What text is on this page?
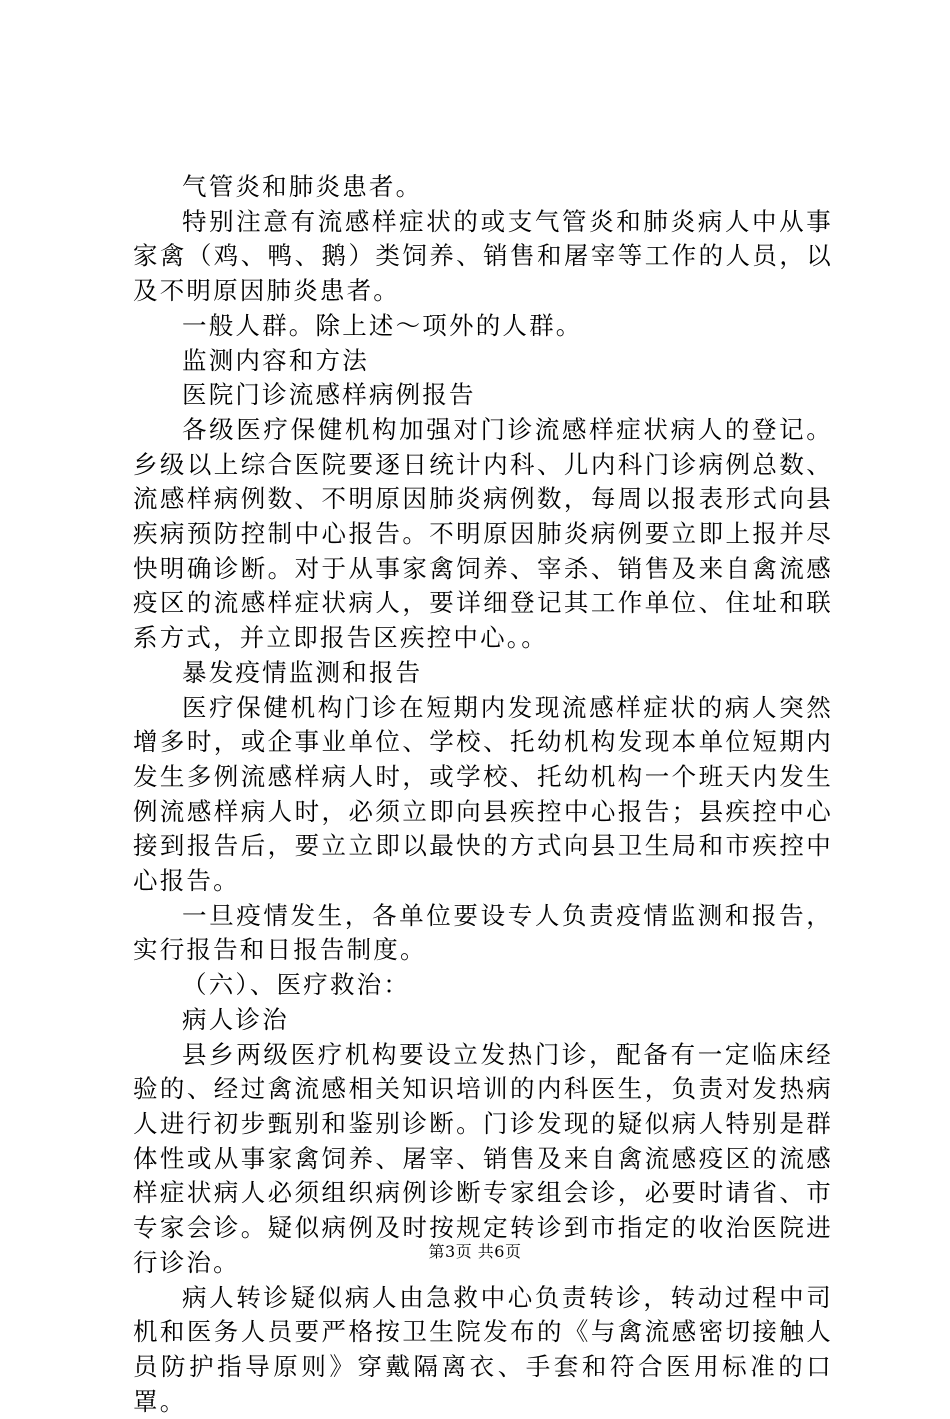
气管炎和肺炎患者。

特别注意有流感样症状的或支气管炎和肺炎病人中从事家禽（鸡、鸭、鹅）类饲养、销售和屠宰等工作的人员，以及不明原因肺炎患者。

一般人群。除上述～项外的人群。

监测内容和方法

医院门诊流感样病例报告

各级医疗保健机构加强对门诊流感样症状病人的登记。乡级以上综合医院要逐日统计内科、儿内科门诊病例总数、流感样病例数、不明原因肺炎病例数，每周以报表形式向县疾病预防控制中心报告。不明原因肺炎病例要立即上报并尽快明确诊断。对于从事家禽饲养、宰杀、销售及来自禽流感疫区的流感样症状病人，要详细登记其工作单位、住址和联系方式，并立即报告区疾控中心。。

暴发疫情监测和报告

医疗保健机构门诊在短期内发现流感样症状的病人突然增多时，或企事业单位、学校、托幼机构发现本单位短期内发生多例流感样病人时，或学校、托幼机构一个班天内发生例流感样病人时，必须立即向县疾控中心报告；县疾控中心接到报告后，要立立即以最快的方式向县卫生局和市疾控中心报告。

一旦疫情发生，各单位要设专人负责疫情监测和报告，实行报告和日报告制度。

（六）、医疗救治：

病人诊治

县乡两级医疗机构要设立发热门诊，配备有一定临床经验的、经过禽流感相关知识培训的内科医生，负责对发热病人进行初步甄别和鉴别诊断。门诊发现的疑似病人特别是群体性或从事家禽饲养、屠宰、销售及来自禽流感疫区的流感样症状病人必须组织病例诊断专家组会诊，必要时请省、市专家会诊。疑似病例及时按规定转诊到市指定的收治医院进行诊治。

病人转诊疑似病人由急救中心负责转诊，转动过程中司机和医务人员要严格按卫生院发布的《与禽流感密切接触人员防护指导原则》穿戴隔离衣、手套和符合医用标准的口罩。

第3页 共6页
